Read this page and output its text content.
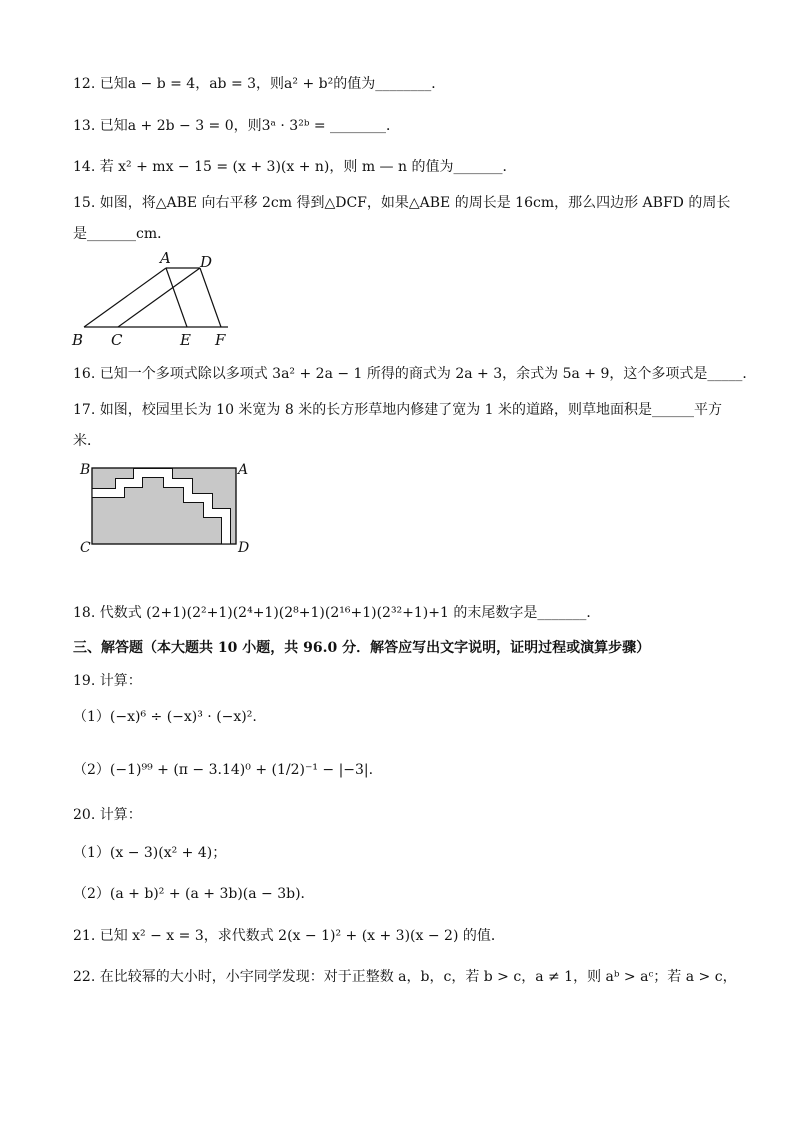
12. 已知a − b = 4，ab = 3，则a² + b²的值为________．
13. 已知a + 2b − 3 = 0，则3ᵃ · 3²ᵇ = ________．
14. 若 x² + mx − 15 = (x + 3)(x + n)，则 m — n 的值为_______．
15. 如图，将△ABE 向右平移 2cm 得到△DCF，如果△ABE 的周长是 16cm，那么四边形 ABFD 的周长
是_______cm．
A D
B C	E F
16. 已知一个多项式除以多项式 3a² + 2a − 1 所得的商式为 2a + 3，余式为 5a + 9，这个多项式是_____．
17. 如图，校园里长为 10 米宽为 8 米的长方形草地内修建了宽为 1 米的道路，则草地面积是______平方
米．
B	A
C	D
18. 代数式 (2+1)(2²+1)(2⁴+1)(2⁸+1)(2¹⁶+1)(2³²+1)+1 的末尾数字是_______．
三、解答题（本大题共 10 小题，共 96.0 分．解答应写出文字说明，证明过程或演算步骤）
19. 计算：
（1）(−x)⁶ ÷ (−x)³ · (−x)².
（2）(−1)⁹⁹ + (π − 3.14)⁰ + (1/2)⁻¹ − |−3|.
20. 计算：
（1）(x − 3)(x² + 4)；
（2）(a + b)² + (a + 3b)(a − 3b)．
21. 已知 x² − x = 3，求代数式 2(x − 1)² + (x + 3)(x − 2) 的值．
22. 在比较幂的大小时，小宇同学发现：对于正整数 a，b，c，若 b > c，a ≠ 1，则 aᵇ > aᶜ；若 a > c，
